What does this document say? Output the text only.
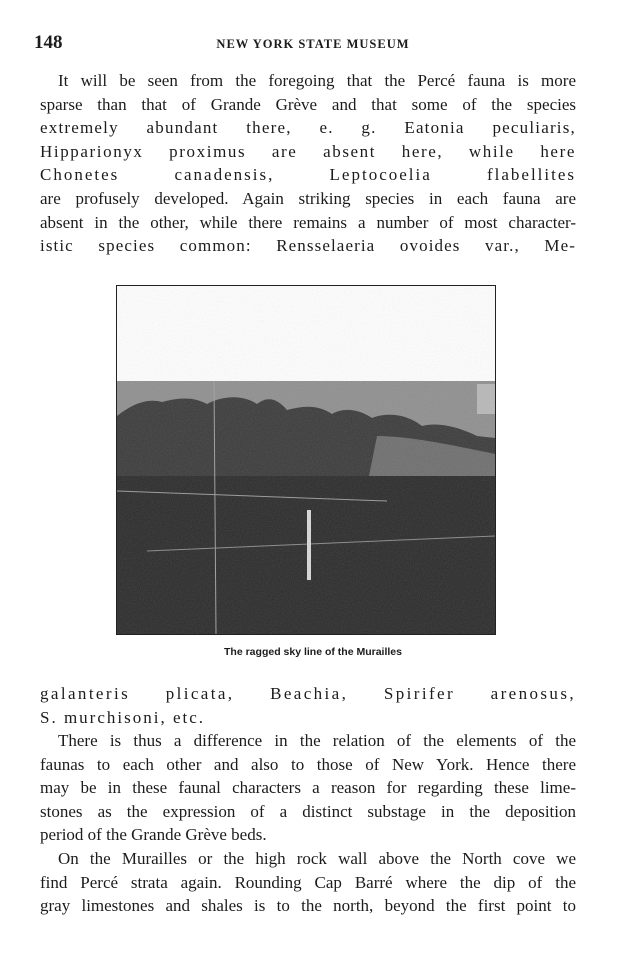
148	NEW YORK STATE MUSEUM
It will be seen from the foregoing that the Percé fauna is more
sparse than that of Grande Grève and that some of the species
extremely abundant there, e. g. Eatonia peculiaris,
Hipparionyx proximus are absent here, while here
Chonetes canadensis, Leptocoelia flabellites
are profusely developed. Again striking species in each fauna are
absent in the other, while there remains a number of most character-
istic species common: Rensselaeria ovoides var., Me-
The ragged sky line of the Murailles
galanteris plicata, Beachia, Spirifer arenosus,
S. murchisoni, etc.
There is thus a difference in the relation of the elements of the
faunas to each other and also to those of New York. Hence there
may be in these faunal characters a reason for regarding these lime-
stones as the expression of a distinct substage in the deposition
period of the Grande Grève beds.
On the Murailles or the high rock wall above the North cove we
find Percé strata again. Rounding Cap Barré where the dip of the
gray limestones and shales is to the north, beyond the first point to
